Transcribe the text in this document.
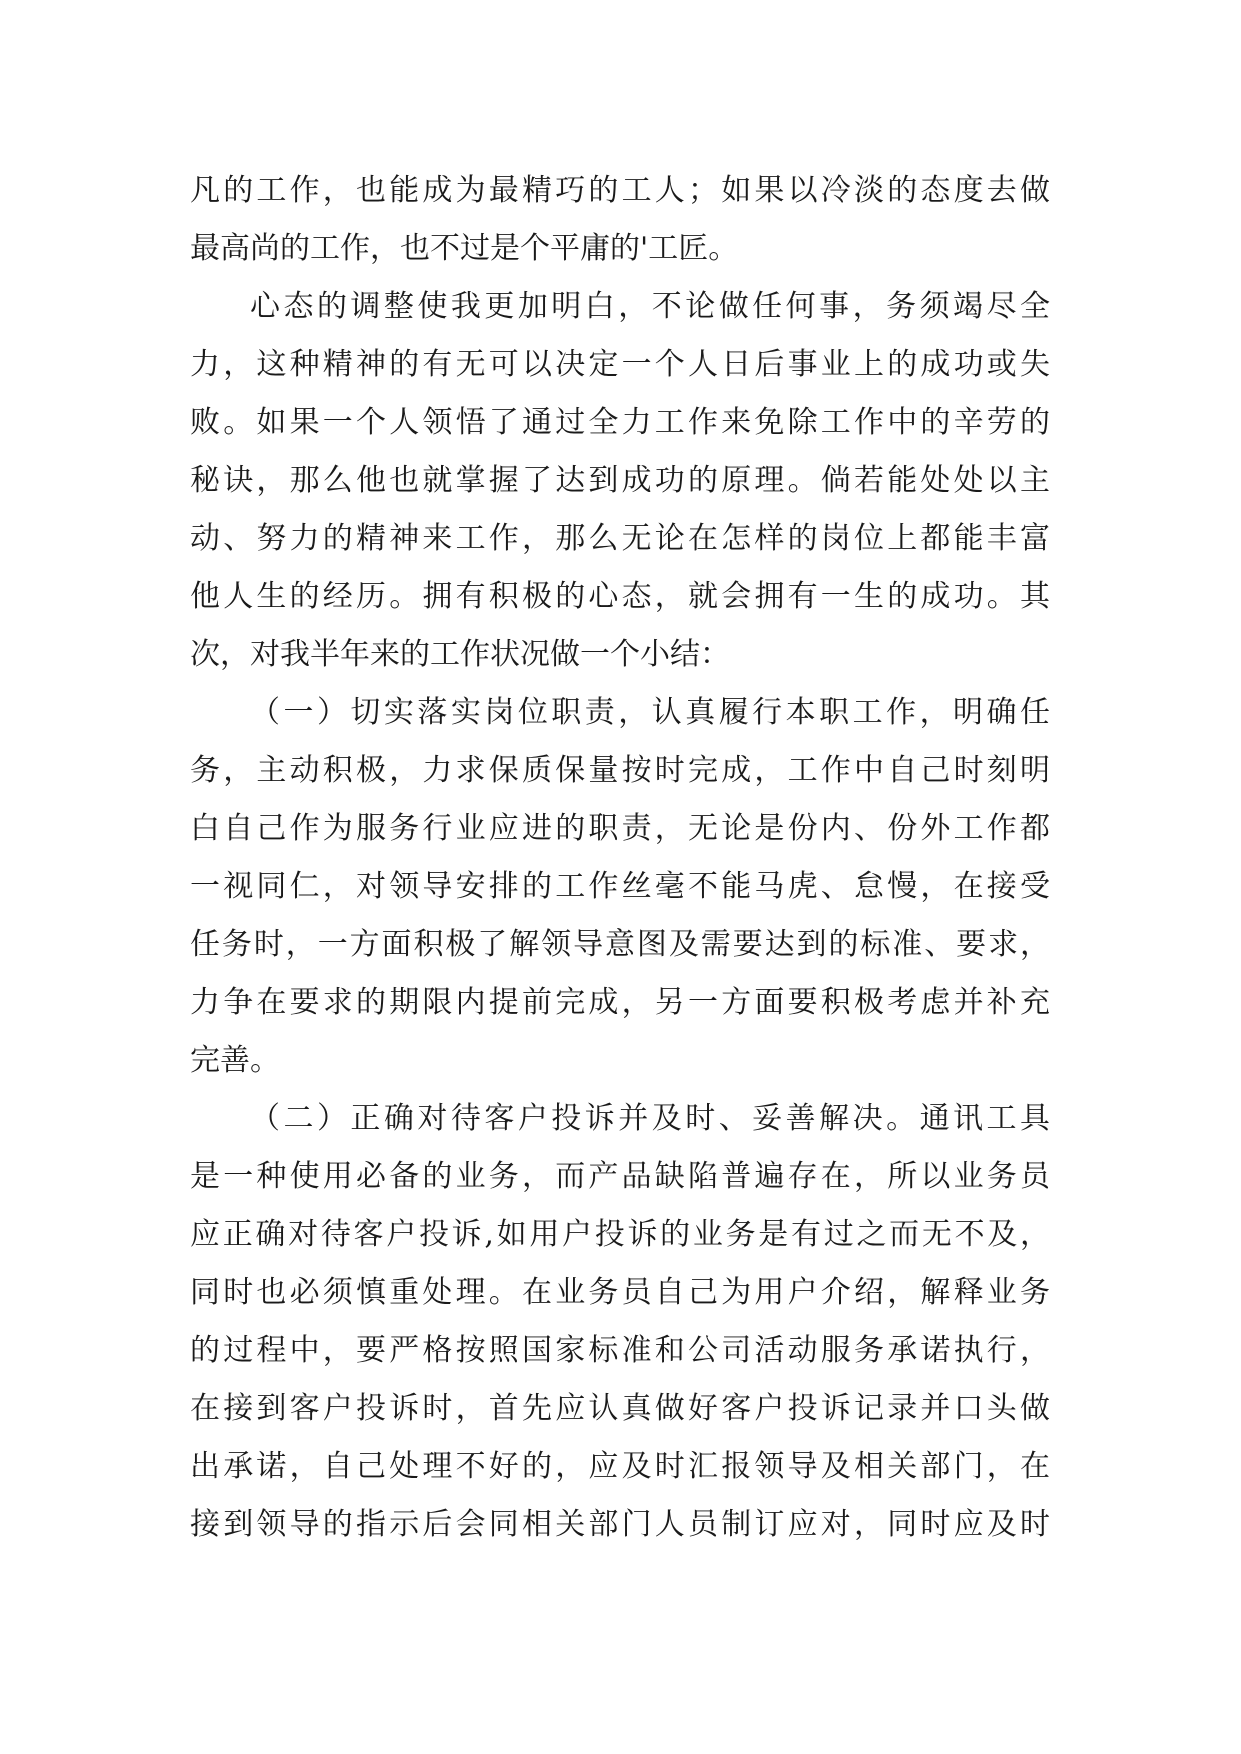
凡的工作，也能成为最精巧的工人；如果以冷淡的态度去做
最高尚的工作，也不过是个平庸的'工匠。
心态的调整使我更加明白，不论做任何事，务须竭尽全
力，这种精神的有无可以决定一个人日后事业上的成功或失
败。如果一个人领悟了通过全力工作来免除工作中的辛劳的
秘诀，那么他也就掌握了达到成功的原理。倘若能处处以主
动、努力的精神来工作，那么无论在怎样的岗位上都能丰富
他人生的经历。拥有积极的心态，就会拥有一生的成功。其
次，对我半年来的工作状况做一个小结：
（一）切实落实岗位职责，认真履行本职工作，明确任
务，主动积极，力求保质保量按时完成，工作中自己时刻明
白自己作为服务行业应进的职责，无论是份内、份外工作都
一视同仁，对领导安排的工作丝毫不能马虎、怠慢，在接受
任务时，一方面积极了解领导意图及需要达到的标准、要求，
力争在要求的期限内提前完成，另一方面要积极考虑并补充
完善。
（二）正确对待客户投诉并及时、妥善解决。通讯工具
是一种使用必备的业务，而产品缺陷普遍存在，所以业务员
应正确对待客户投诉,如用户投诉的业务是有过之而无不及，
同时也必须慎重处理。在业务员自己为用户介绍，解释业务
的过程中，要严格按照国家标准和公司活动服务承诺执行，
在接到客户投诉时，首先应认真做好客户投诉记录并口头做
出承诺，自己处理不好的，应及时汇报领导及相关部门，在
接到领导的指示后会同相关部门人员制订应对，同时应及时
